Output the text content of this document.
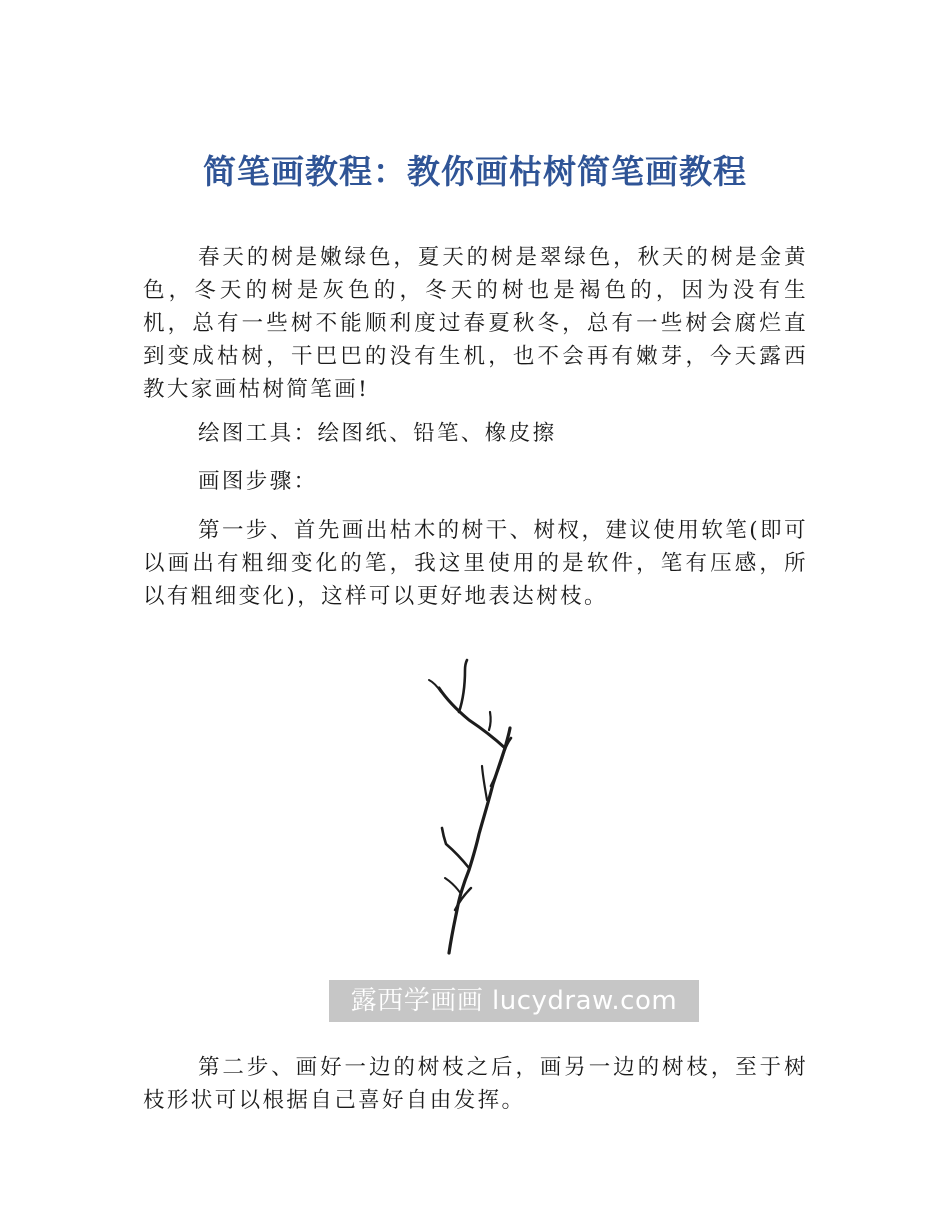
简笔画教程：教你画枯树简笔画教程

春天的树是嫩绿色，夏天的树是翠绿色，秋天的树是金黄色，冬天的树是灰色的，冬天的树也是褐色的，因为没有生机，总有一些树不能顺利度过春夏秋冬，总有一些树会腐烂直到变成枯树，干巴巴的没有生机，也不会再有嫩芽，今天露西教大家画枯树简笔画!

绘图工具：绘图纸、铅笔、橡皮擦

画图步骤：

第一步、首先画出枯木的树干、树杈，建议使用软笔(即可以画出有粗细变化的笔，我这里使用的是软件，笔有压感，所以有粗细变化)，这样可以更好地表达树枝。

露西学画画 lucydraw.com

第二步、画好一边的树枝之后，画另一边的树枝，至于树枝形状可以根据自己喜好自由发挥。
